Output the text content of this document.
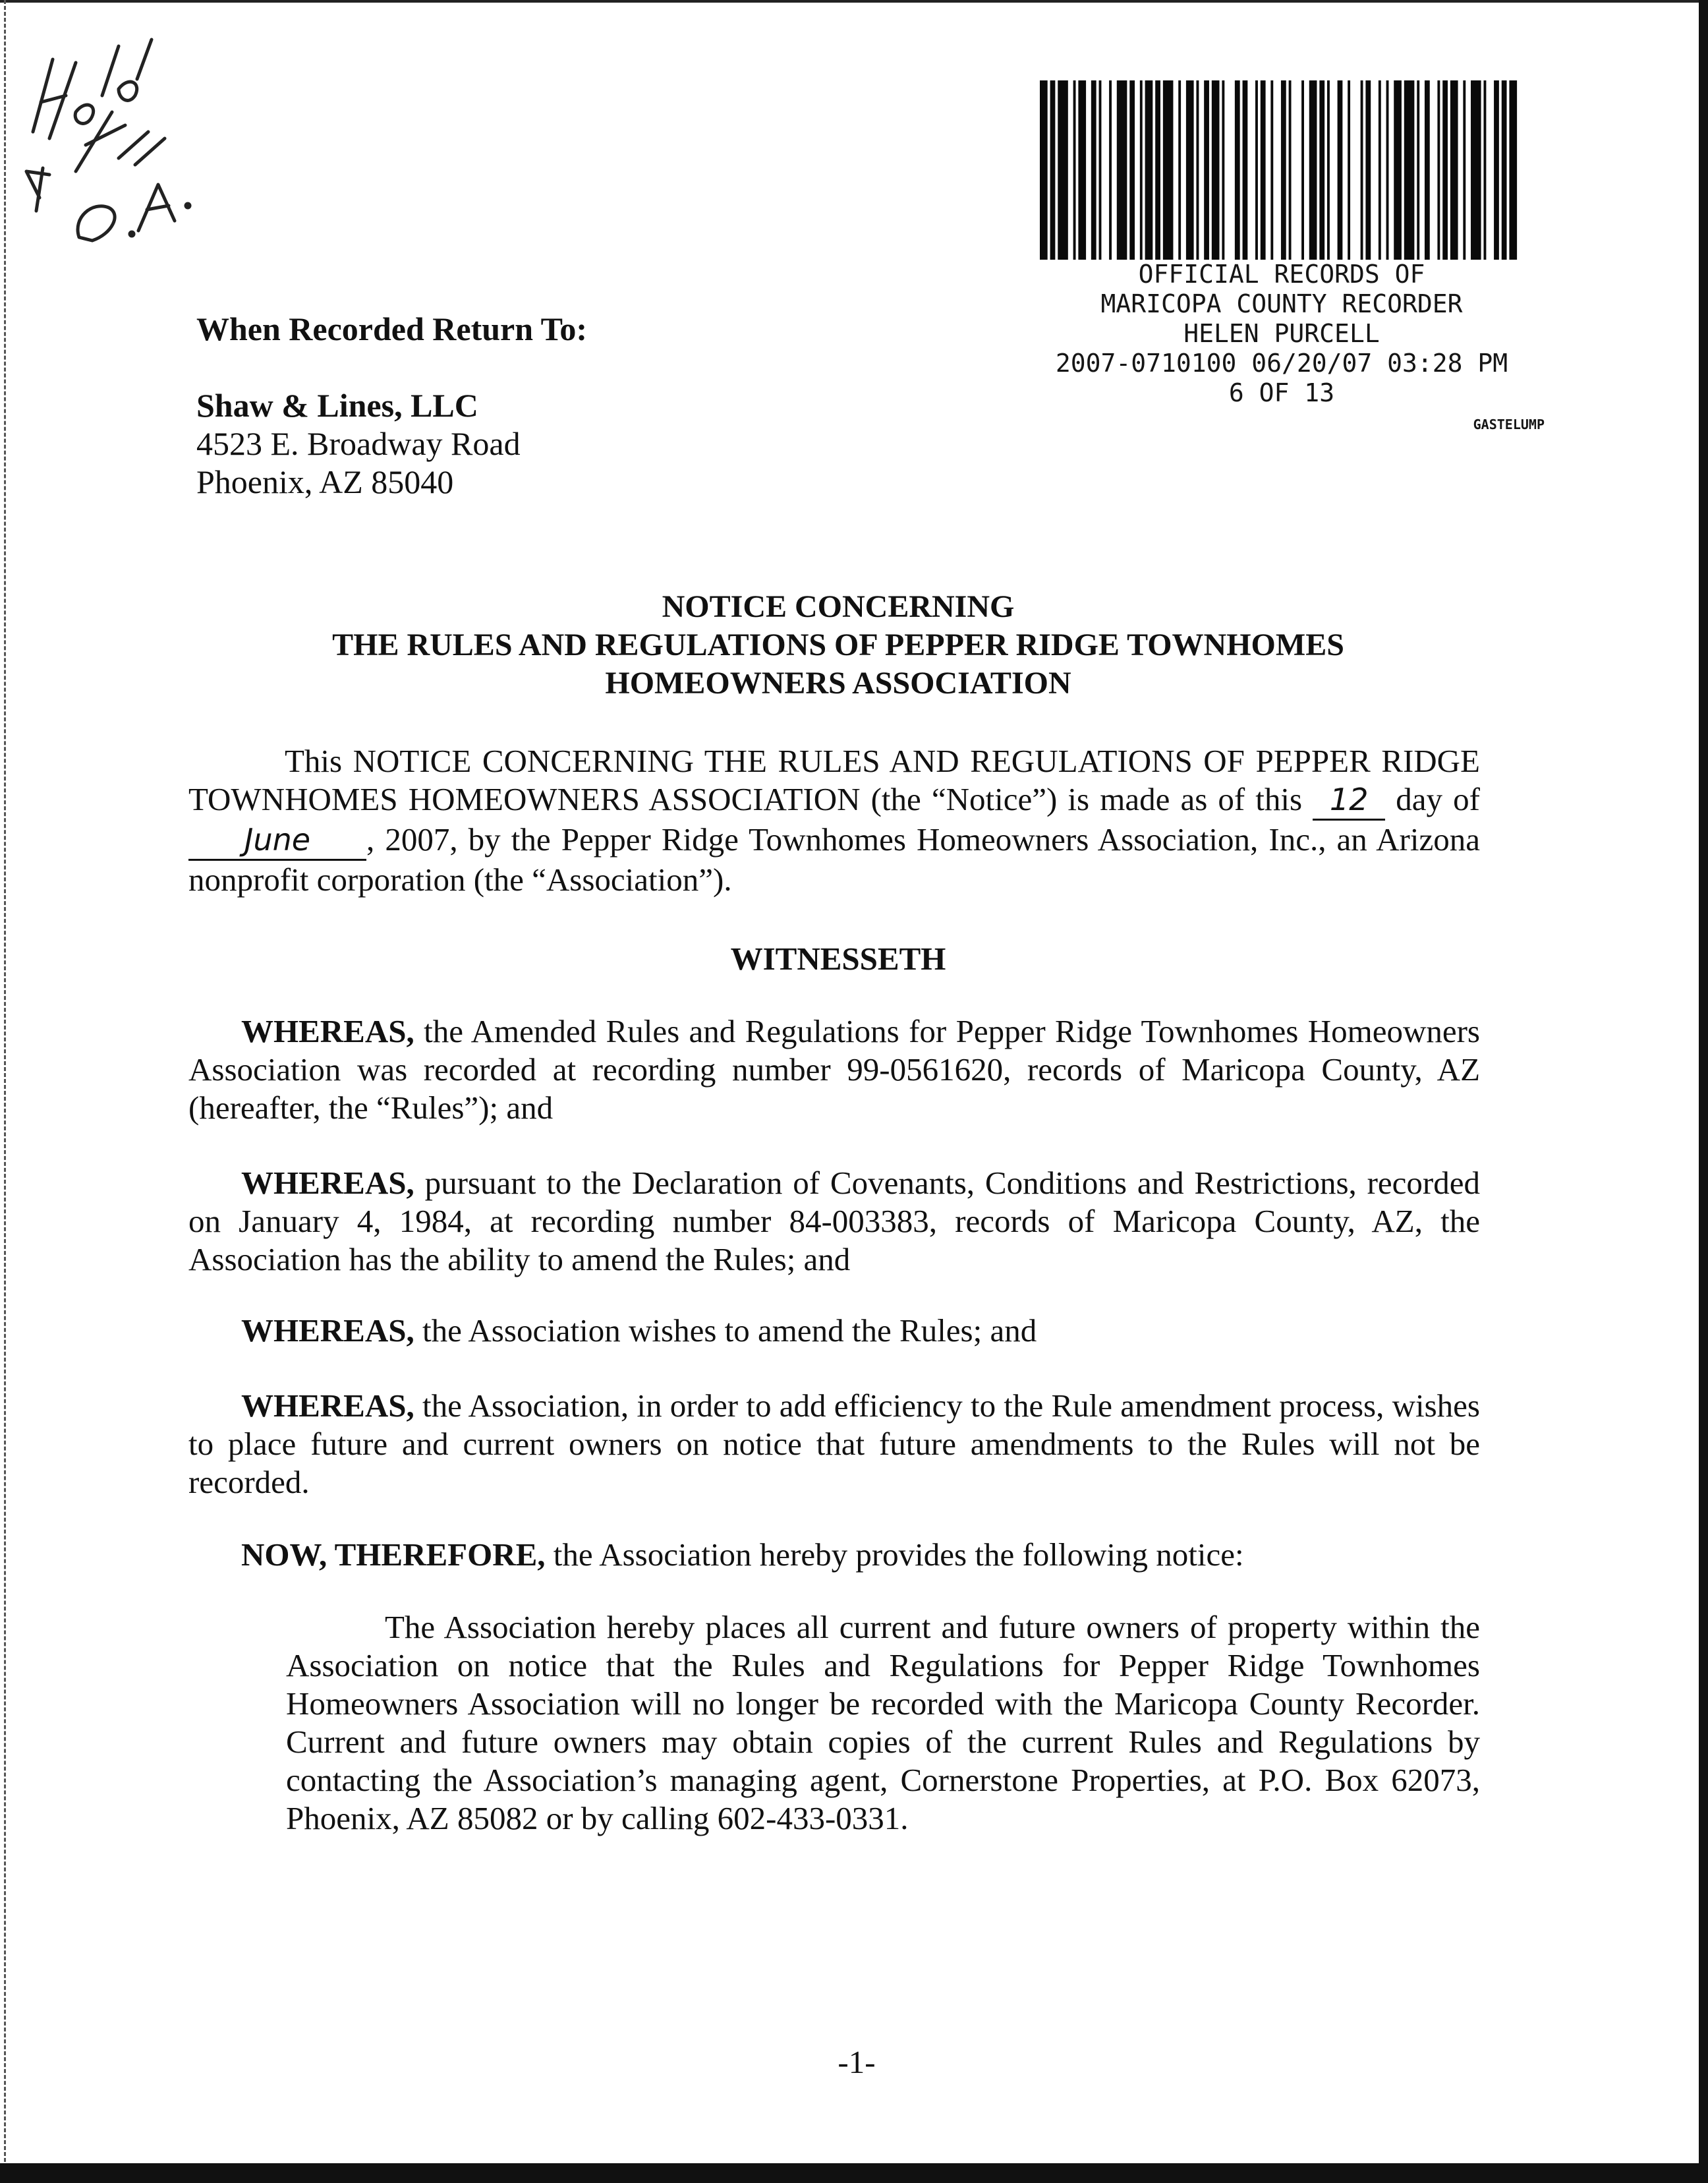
OFFICIAL RECORDS OF
MARICOPA COUNTY RECORDER
HELEN PURCELL
2007-0710100 06/20/07 03:28 PM
6 OF 13
GASTELUMP
When Recorded Return To:
Shaw & Lines, LLC
4523 E. Broadway Road
Phoenix, AZ 85040
NOTICE CONCERNING
THE RULES AND REGULATIONS OF PEPPER RIDGE TOWNHOMES
HOMEOWNERS ASSOCIATION
This NOTICE CONCERNING THE RULES AND REGULATIONS OF PEPPER RIDGE TOWNHOMES HOMEOWNERS ASSOCIATION (the “Notice”) is made as of this 12 day of June , 2007, by the Pepper Ridge Townhomes Homeowners Association, Inc., an Arizona nonprofit corporation (the “Association”).
WITNESSETH
WHEREAS, the Amended Rules and Regulations for Pepper Ridge Townhomes Homeowners Association was recorded at recording number 99-0561620, records of Maricopa County, AZ (hereafter, the “Rules”); and
WHEREAS, pursuant to the Declaration of Covenants, Conditions and Restrictions, recorded on January 4, 1984, at recording number 84-003383, records of Maricopa County, AZ, the Association has the ability to amend the Rules; and
WHEREAS, the Association wishes to amend the Rules; and
WHEREAS, the Association, in order to add efficiency to the Rule amendment process, wishes to place future and current owners on notice that future amendments to the Rules will not be recorded.
NOW, THEREFORE, the Association hereby provides the following notice:
The Association hereby places all current and future owners of property within the Association on notice that the Rules and Regulations for Pepper Ridge Townhomes Homeowners Association will no longer be recorded with the Maricopa County Recorder. Current and future owners may obtain copies of the current Rules and Regulations by contacting the Association’s managing agent, Cornerstone Properties, at P.O. Box 62073, Phoenix, AZ 85082 or by calling 602-433-0331.
-1-
